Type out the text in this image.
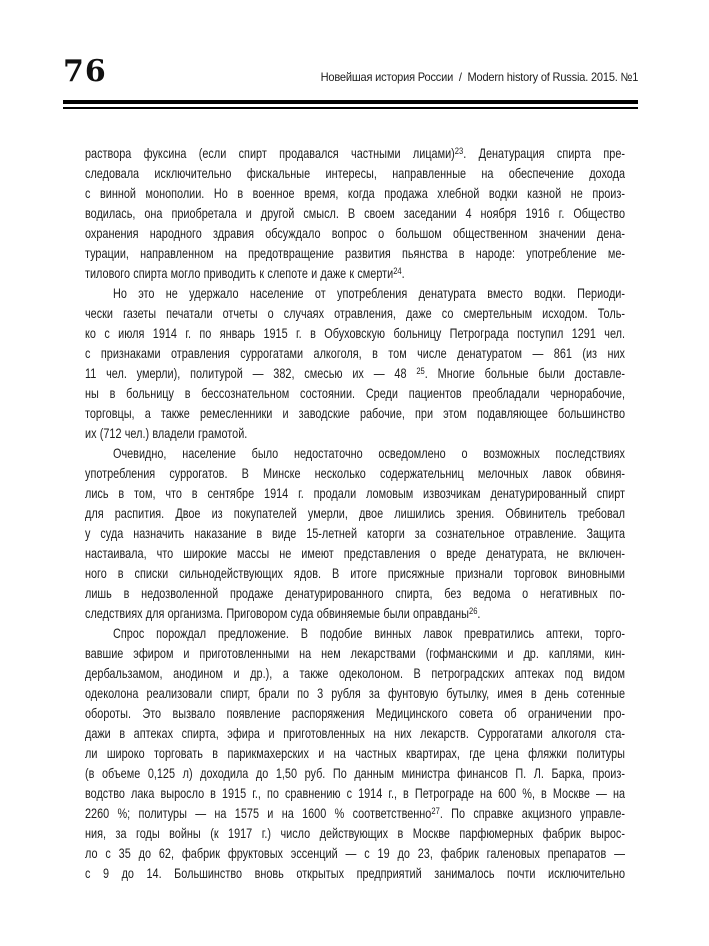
76	Новейшая история России  /  Modern history of Russia. 2015. №1
раствора фуксина (если спирт продавался частными лицами)$^{23}$. Денатурация спирта пре-
следовала исключительно фискальные интересы, направленные на обеспечение дохода
с винной монополии. Но в военное время, когда продажа хлебной водки казной не произ-
водилась, она приобретала и другой смысл. В своем заседании 4 ноября 1916 г. Общество
охранения народного здравия обсуждало вопрос о большом общественном значении дена-
турации, направленном на предотвращение развития пьянства в народе: употребление ме-
тилового спирта могло приводить к слепоте и даже к смерти$^{24}$.
Но это не удержало население от употребления денатурата вместо водки. Периоди-
чески газеты печатали отчеты о случаях отравления, даже со смертельным исходом. Толь-
ко с июля 1914 г. по январь 1915 г. в Обуховскую больницу Петрограда поступил 1291 чел.
с признаками отравления суррогатами алкоголя, в том числе денатуратом — 861 (из них
11 чел. умерли), политурой — 382, смесью их — 48 $^{25}$. Многие больные были доставле-
ны в больницу в бессознательном состоянии. Среди пациентов преобладали чернорабочие,
торговцы, а также ремесленники и заводские рабочие, при этом подавляющее большинство
их (712 чел.) владели грамотой.
Очевидно, население было недостаточно осведомлено о возможных последствиях
употребления суррогатов. В Минске несколько содержательниц мелочных лавок обвиня-
лись в том, что в сентябре 1914 г. продали ломовым извозчикам денатурированный спирт
для распития. Двое из покупателей умерли, двое лишились зрения. Обвинитель требовал
у суда назначить наказание в виде 15-летней каторги за сознательное отравление. Защита
настаивала, что широкие массы не имеют представления о вреде денатурата, не включен-
ного в списки сильнодействующих ядов. В итоге присяжные признали торговок виновными
лишь в недозволенной продаже денатурированного спирта, без ведома о негативных по-
следствиях для организма. Приговором суда обвиняемые были оправданы$^{26}$.
Спрос порождал предложение. В подобие винных лавок превратились аптеки, торго-
вавшие эфиром и приготовленными на нем лекарствами (гофманскими и др. каплями, кин-
дербальзамом, анодином и др.), а также одеколоном. В петроградских аптеках под видом
одеколона реализовали спирт, брали по 3 рубля за фунтовую бутылку, имея в день сотенные
обороты. Это вызвало появление распоряжения Медицинского совета об ограничении про-
дажи в аптеках спирта, эфира и приготовленных на них лекарств. Суррогатами алкоголя ста-
ли широко торговать в парикмахерских и на частных квартирах, где цена фляжки политуры
(в объеме 0,125 л) доходила до 1,50 руб. По данным министра финансов П. Л. Барка, произ-
водство лака выросло в 1915 г., по сравнению с 1914 г., в Петрограде на 600 %, в Москве — на
2260 %; политуры — на 1575 и на 1600 % соответственно$^{27}$. По справке акцизного управле-
ния, за годы войны (к 1917 г.) число действующих в Москве парфюмерных фабрик вырос-
ло с 35 до 62, фабрик фруктовых эссенций — с 19 до 23, фабрик галеновых препаратов —
с 9 до 14. Большинство вновь открытых предприятий занималось почти исключительно
